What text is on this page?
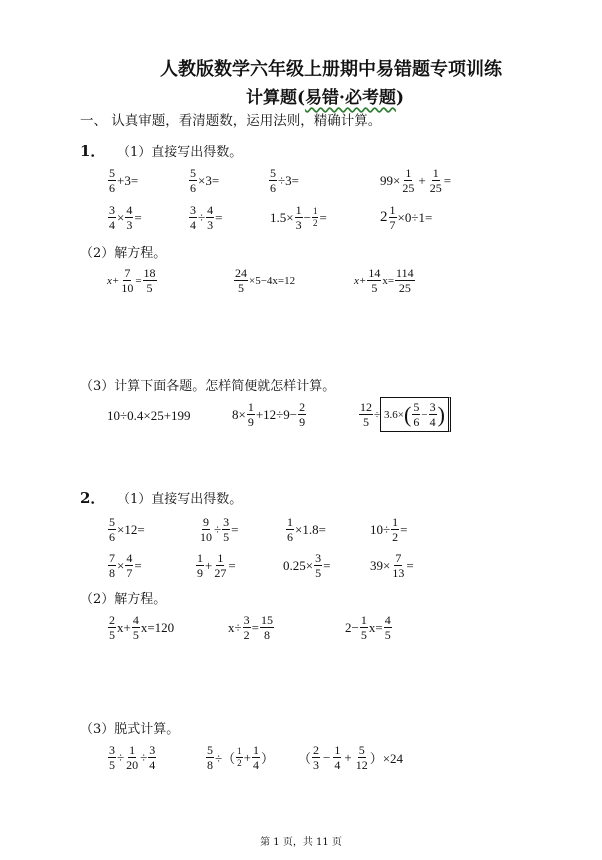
人教版数学六年级上册期中易错题专项训练
计算题(易错·必考题)
一、 认真审题，看清题数，运用法则，精确计算。
1． （1）直接写出得数。
$\frac{5}{6} +3=$	$\frac{5}{6} \times 3=$	$\frac{5}{6} \div 3=$	$99\times \frac{1}{25} + \frac{1}{25}$ =
$\frac{3}{4} \times \frac{4}{3}$ =	$\frac{3}{4} \div \frac{4}{3}$ =	$1.5\times \frac{1}{3} - \frac{1}{2}$ =	$2 \frac{1}{7} \times 0\div 1=$
（2）解方程。
$x+ \frac{7}{10} = \frac{18}{5}$	$\frac{24}{5} \times 5-4x=12$	$x+ \frac{14}{5} x= \frac{114}{25}$
（3）计算下面各题。怎样简便就怎样计算。
10÷0.4×25+199	$8\times \frac{1}{9} +12\div 9- \frac{2}{9}$	$\frac{12}{5} \div 3.6\times$ ( $\frac{5}{6} - \frac{3}{4}$ )
2． （1）直接写出得数。
$\frac{5}{6} \times 12=$	$\frac{9}{10} \div \frac{3}{5}$ =	$\frac{1}{6} \times 1.8=$	$10\div \frac{1}{2}$ =
$\frac{7}{8} \times \frac{4}{7}$ =	$\frac{1}{9} + \frac{1}{27}$ =	$0.25\times \frac{3}{5}$ =	$39\times \frac{7}{13}$ =
（2）解方程。
$\frac{2}{5} x+ \frac{4}{5} x=120$	$x\div \frac{3}{2} = \frac{15}{8}$	$2- \frac{1}{5} x= \frac{4}{5}$
（3）脱式计算。
$\frac{3}{5} \div \frac{1}{20} \div \frac{3}{4}$	$\frac{5}{8}$ ÷（ $\frac{1}{2} + \frac{1}{4}$ ） （ $\frac{2}{3} - \frac{1}{4} + \frac{5}{12} )\times 24$
第 1 页，共 11 页
